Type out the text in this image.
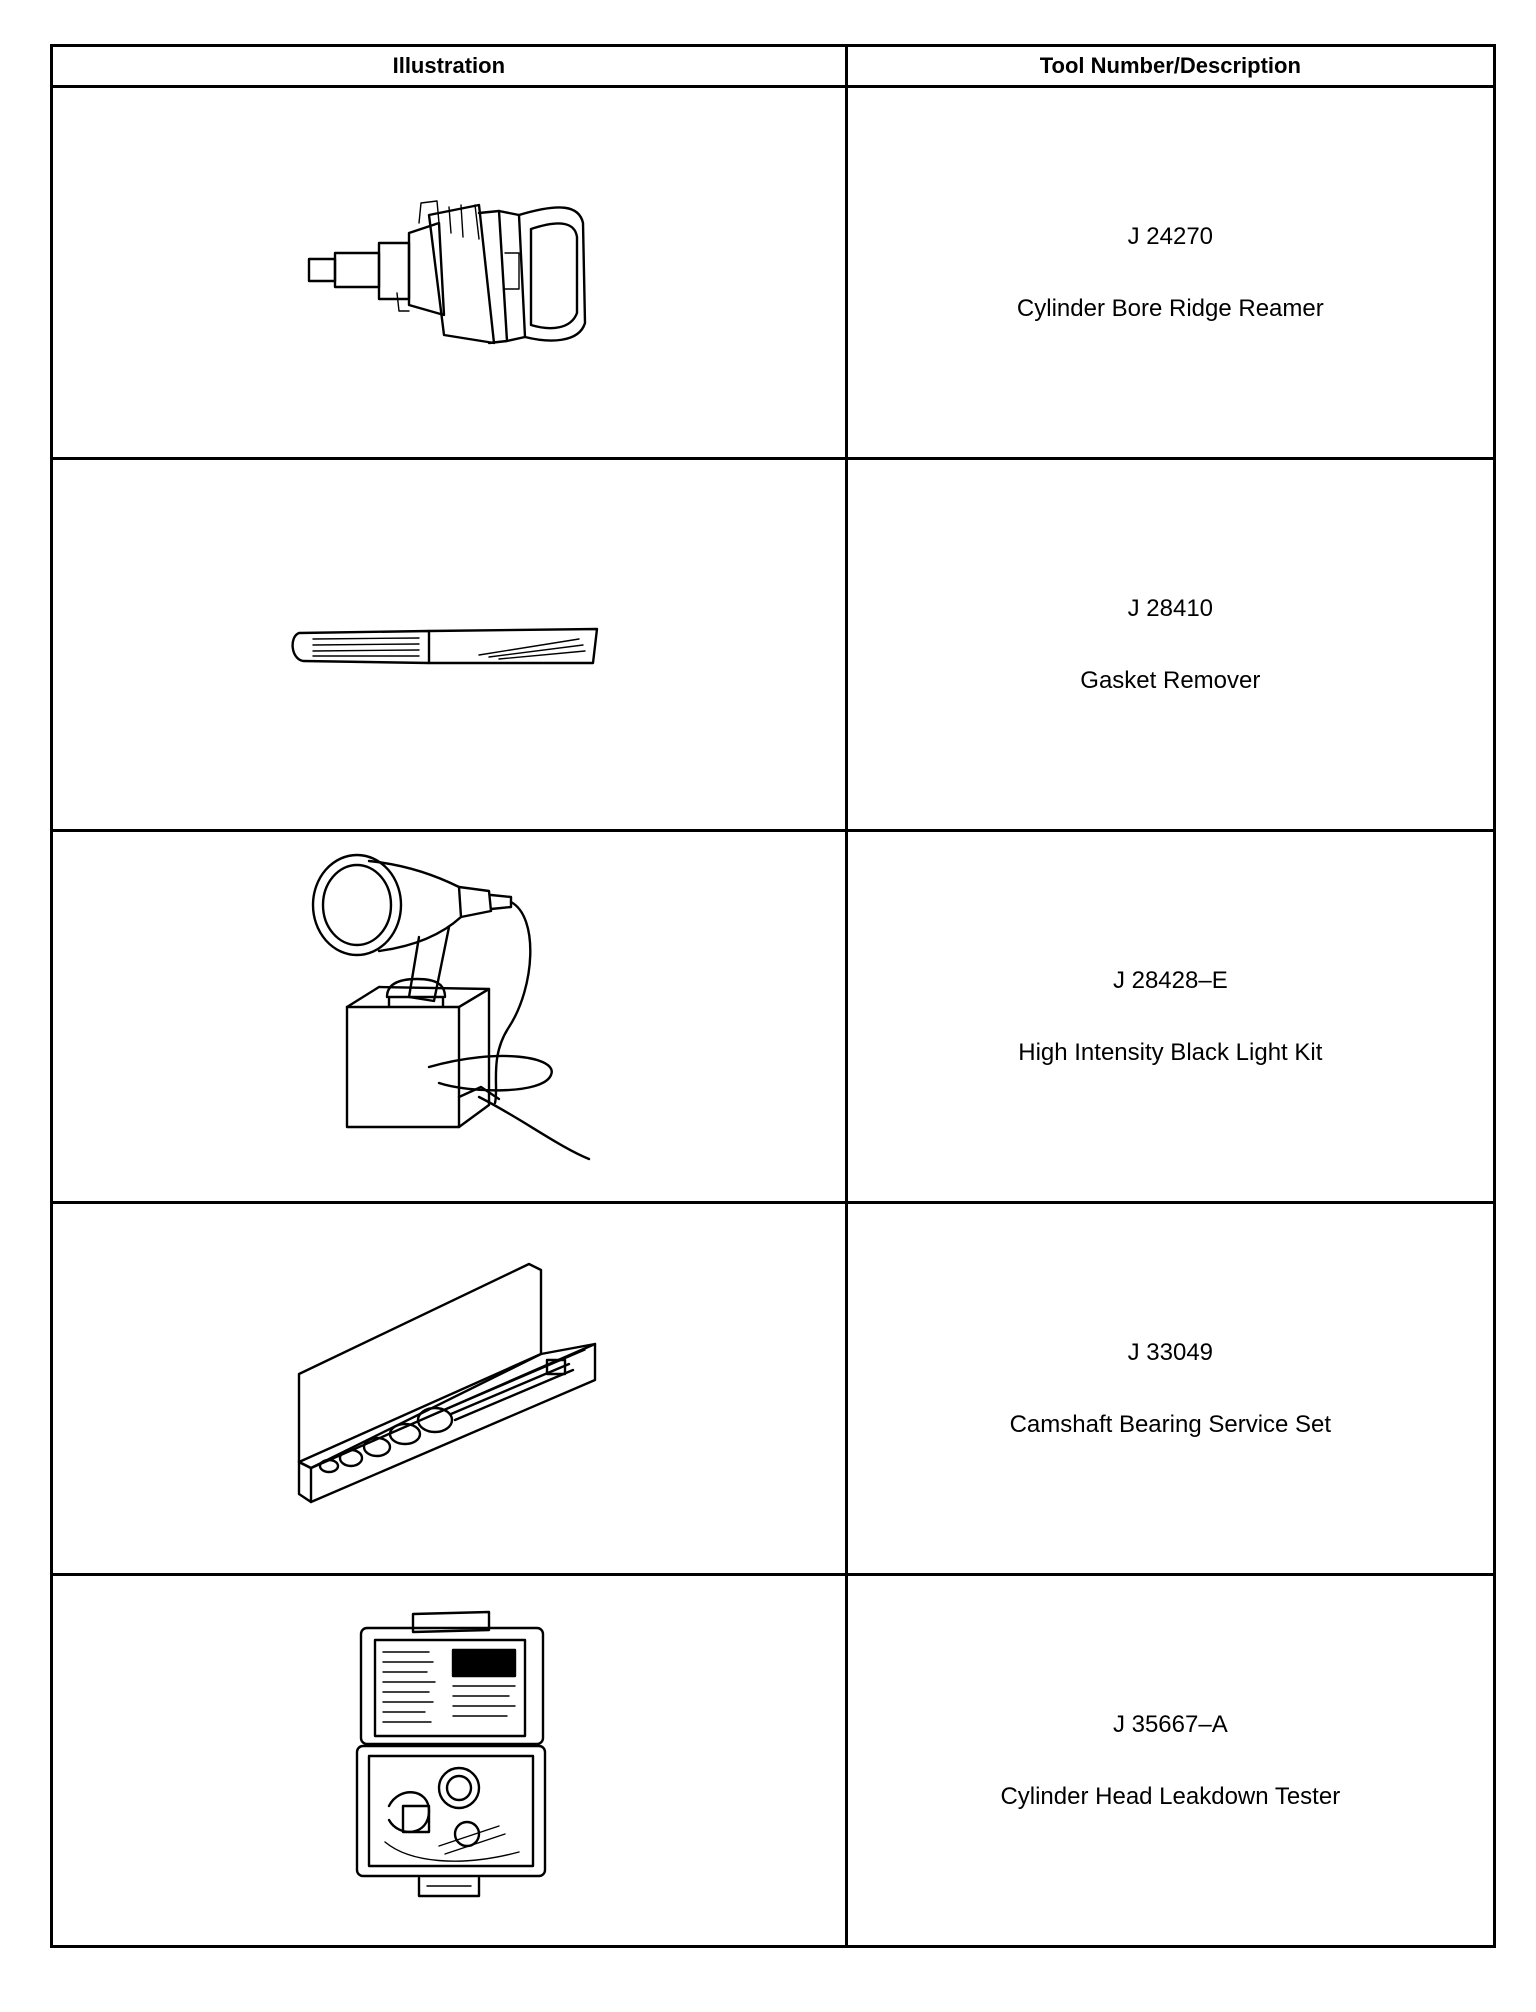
Illustration	Tool Number/Description

J 24270
Cylinder Bore Ridge Reamer

J 28410
Gasket Remover

J 28428–E
High Intensity Black Light Kit

J 33049
Camshaft Bearing Service Set

J 35667–A
Cylinder Head Leakdown Tester
